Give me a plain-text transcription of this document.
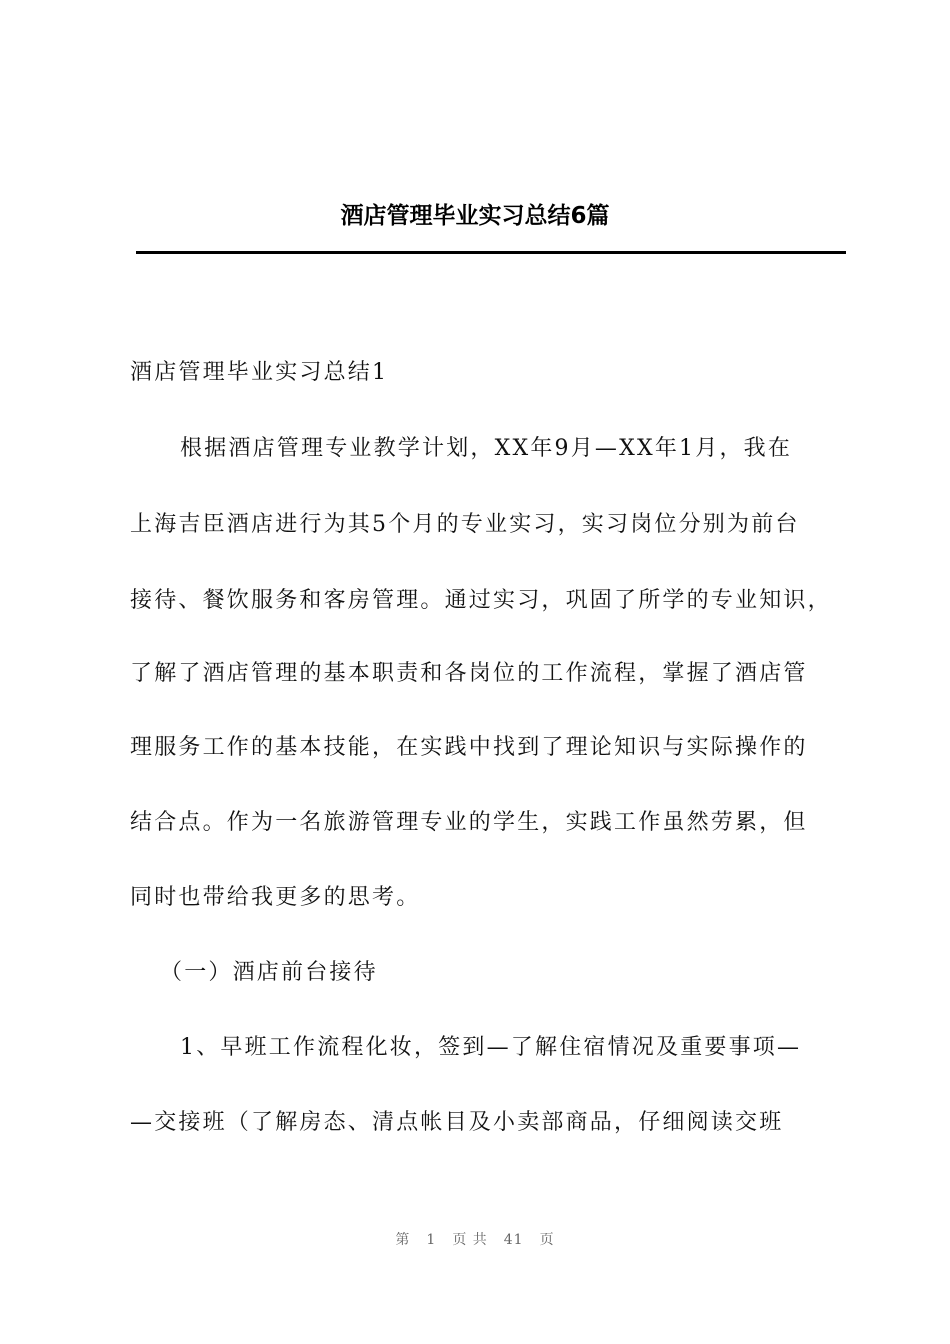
酒店管理毕业实习总结6篇
酒店管理毕业实习总结1
根据酒店管理专业教学计划，XX年9月—XX年1月，我在
上海吉臣酒店进行为其5个月的专业实习，实习岗位分别为前台
接待、餐饮服务和客房管理。通过实习，巩固了所学的专业知识，
了解了酒店管理的基本职责和各岗位的工作流程，掌握了酒店管
理服务工作的基本技能，在实践中找到了理论知识与实际操作的
结合点。作为一名旅游管理专业的学生，实践工作虽然劳累，但
同时也带给我更多的思考。
（一）酒店前台接待
1、早班工作流程化妆，签到—了解住宿情况及重要事项—
—交接班（了解房态、清点帐目及小卖部商品，仔细阅读交班
第 1 页 共 41 页
